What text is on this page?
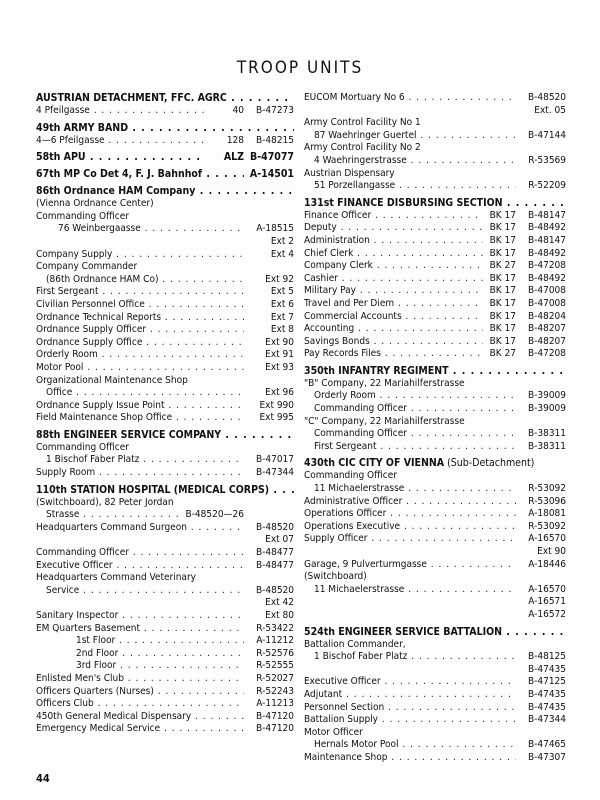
TROOP UNITS
AUSTRIAN DETACHMENT, FFC. AGRC . . .
4 Pfeilgasse . . .	40	B-47273
49th ARMY BAND . . .
4—6 Pfeilgasse . . .	128	B-48215
58th APU . . .	ALZ B-47077
67th MP Co Det 4, F. J. Bahnhof . . .	A-14501
86th Ordnance HAM Company . . .
(Vienna Ordnance Center)
Commanding Officer
76 Weinbergaasse . . .	A-18515
Ext 2
Company Supply . . .	Ext 4
Company Commander
(86th Ordnance HAM Co) . . .	Ext 92
First Sergeant . . .	Ext 5
Civilian Personnel Office . . .	Ext 6
Ordnance Technical Reports . . .	Ext 7
Ordnance Supply Officer . . .	Ext 8
Ordnance Supply Office . . .	Ext 90
Orderly Room . . .	Ext 91
Motor Pool . . .	Ext 93
Organizational Maintenance Shop
Office . . .	Ext 96
Ordnance Supply Issue Point . . .	Ext 990
Field Maintenance Shop Office . . .	Ext 995
88th ENGINEER SERVICE COMPANY . . .
Commanding Officer
1 Bischof Faber Platz . . .	B-47017
Supply Room . . .	B-47344
110th STATION HOSPITAL (MEDICAL CORPS) . . .
(Switchboard), 82 Peter Jordan
Strasse . . .	B-48520—26
Headquarters Command Surgeon . . .	B-48520
Ext 07
Commanding Officer . . .	B-48477
Executive Officer . . .	B-48477
Headquarters Command Veterinary
Service . . .	B-48520
Ext 42
Sanitary Inspector . . .	Ext 80
EM Quarters Basement . . .	R-53422
1st Floor . . .	A-11212
2nd Floor . . .	R-52576
3rd Floor . . .	R-52555
Enlisted Men's Club . . .	R-52027
Officers Quarters (Nurses) . . .	R-52243
Officers Club . . .	A-11213
450th General Medical Dispensary . . .	B-47120
Emergency Medical Service . . .	B-47120
EUCOM Mortuary No 6 . . .	B-48520
Ext. 05
Army Control Facility No 1
87 Waehringer Guertel . . .	B-47144
Army Control Facility No 2
4 Waehringerstrasse . . .	R-53569
Austrian Dispensary
51 Porzellangasse . . .	R-52209
131st FINANCE DISBURSING SECTION . . .
Finance Officer . . .	BK 17	B-48147
Deputy . . .	BK 17	B-48492
Administration . . .	BK 17	B-48147
Chief Clerk . . .	BK 17	B-48492
Company Clerk . . .	BK 27	B-47208
Cashier . . .	BK 17	B-48492
Military Pay . . .	BK 17	B-47008
Travel and Per Diem . . .	BK 17	B-47008
Commercial Accounts . . .	BK 17	B-48204
Accounting . . .	BK 17	B-48207
Savings Bonds . . .	BK 17	B-48207
Pay Records Files . . .	BK 27	B-47208
350th INFANTRY REGIMENT . . .
"B" Company, 22 Mariahilferstrasse
Orderly Room . . .	B-39009
Commanding Officer . . .	B-39009
"C" Company, 22 Mariahilferstrasse
Commanding Officer . . .	B-38311
First Sergeant . . .	B-38311
430th CIC CITY OF VIENNA (Sub-Detachment)
Commanding Officer
11 Michaelerstrasse . . .	R-53092
Administrative Officer . . .	R-53096
Operations Officer . . .	A-18081
Operations Executive . . .	R-53092
Supply Officer . . .	A-16570
Ext 90
Garage, 9 Pulverturmgasse . . .	A-18446
(Switchboard)
11 Michaelerstrasse . . .	A-16570
A-16571
A-16572
524th ENGINEER SERVICE BATTALION . . .
Battalion Commander,
1 Bischof Faber Platz . . .	B-48125
B-47435
Executive Officer . . .	B-47125
Adjutant . . .	B-47435
Personnel Section . . .	B-47435
Battalion Supply . . .	B-47344
Motor Officer
Hernals Motor Pool . . .	B-47465
Maintenance Shop . . .	B-47307
44
